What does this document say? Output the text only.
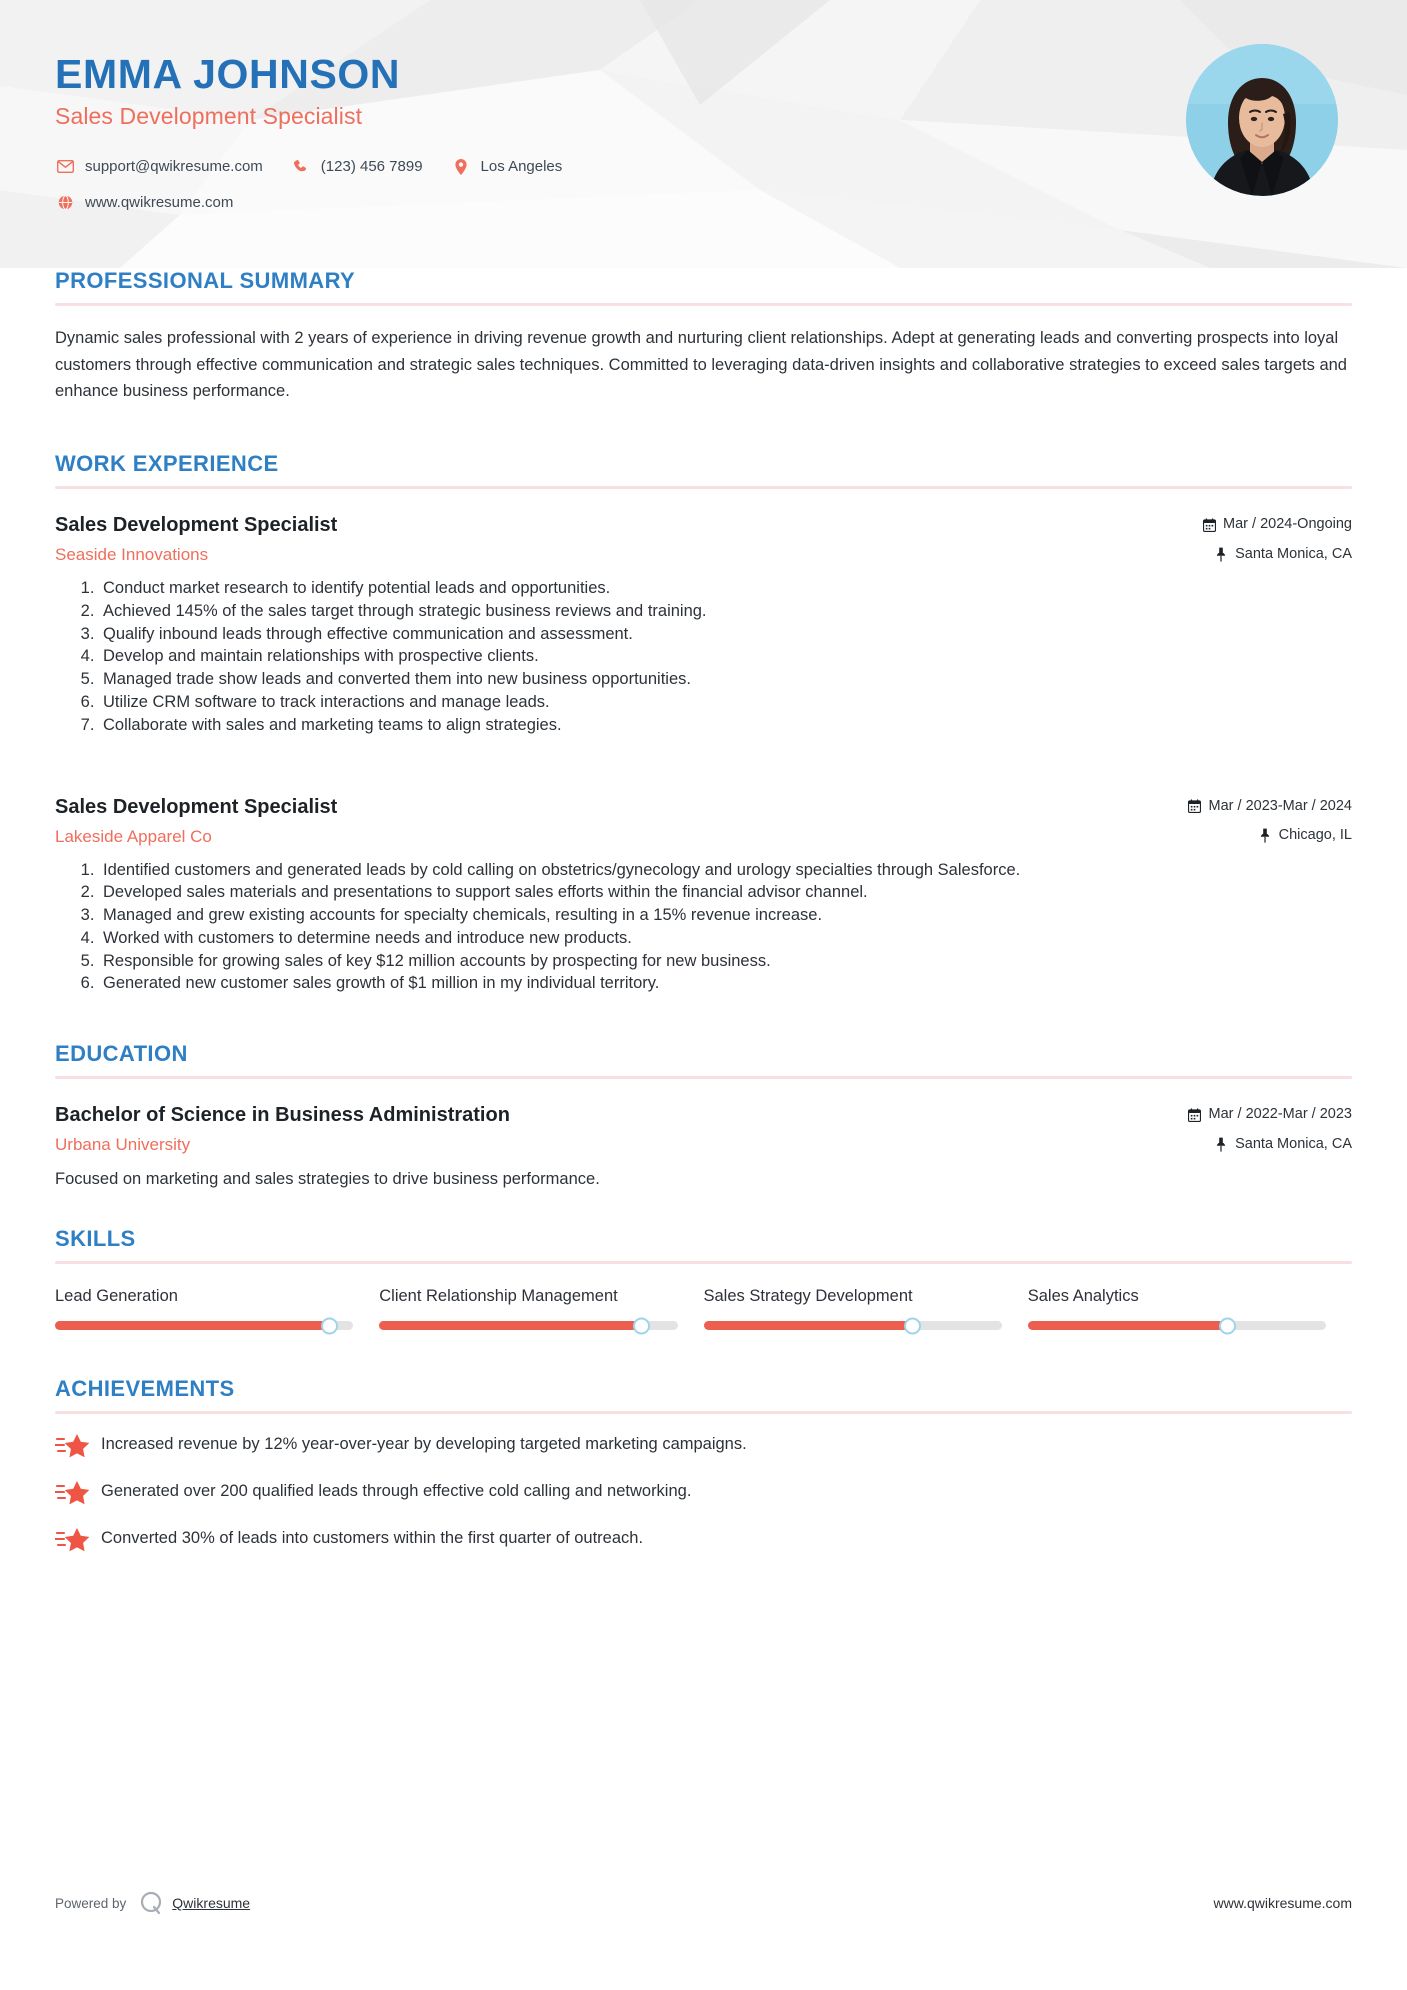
EMMA JOHNSON
Sales Development Specialist
support@qwikresume.com	(123) 456 7899	Los Angeles
www.qwikresume.com
PROFESSIONAL SUMMARY
Dynamic sales professional with 2 years of experience in driving revenue growth and nurturing client relationships. Adept at generating leads and converting prospects into loyal customers through effective communication and strategic sales techniques. Committed to leveraging data-driven insights and collaborative strategies to exceed sales targets and enhance business performance.
WORK EXPERIENCE
Sales Development Specialist
Seaside Innovations
Mar / 2024-Ongoing
Santa Monica, CA
1. Conduct market research to identify potential leads and opportunities.
2. Achieved 145% of the sales target through strategic business reviews and training.
3. Qualify inbound leads through effective communication and assessment.
4. Develop and maintain relationships with prospective clients.
5. Managed trade show leads and converted them into new business opportunities.
6. Utilize CRM software to track interactions and manage leads.
7. Collaborate with sales and marketing teams to align strategies.
Sales Development Specialist
Lakeside Apparel Co
Mar / 2023-Mar / 2024
Chicago, IL
1. Identified customers and generated leads by cold calling on obstetrics/gynecology and urology specialties through Salesforce.
2. Developed sales materials and presentations to support sales efforts within the financial advisor channel.
3. Managed and grew existing accounts for specialty chemicals, resulting in a 15% revenue increase.
4. Worked with customers to determine needs and introduce new products.
5. Responsible for growing sales of key $12 million accounts by prospecting for new business.
6. Generated new customer sales growth of $1 million in my individual territory.
EDUCATION
Bachelor of Science in Business Administration
Urbana University
Mar / 2022-Mar / 2023
Santa Monica, CA
Focused on marketing and sales strategies to drive business performance.
SKILLS
Lead Generation	Client Relationship Management	Sales Strategy Development	Sales Analytics
ACHIEVEMENTS
Increased revenue by 12% year-over-year by developing targeted marketing campaigns.
Generated over 200 qualified leads through effective cold calling and networking.
Converted 30% of leads into customers within the first quarter of outreach.
Powered by	Qwikresume	www.qwikresume.com
